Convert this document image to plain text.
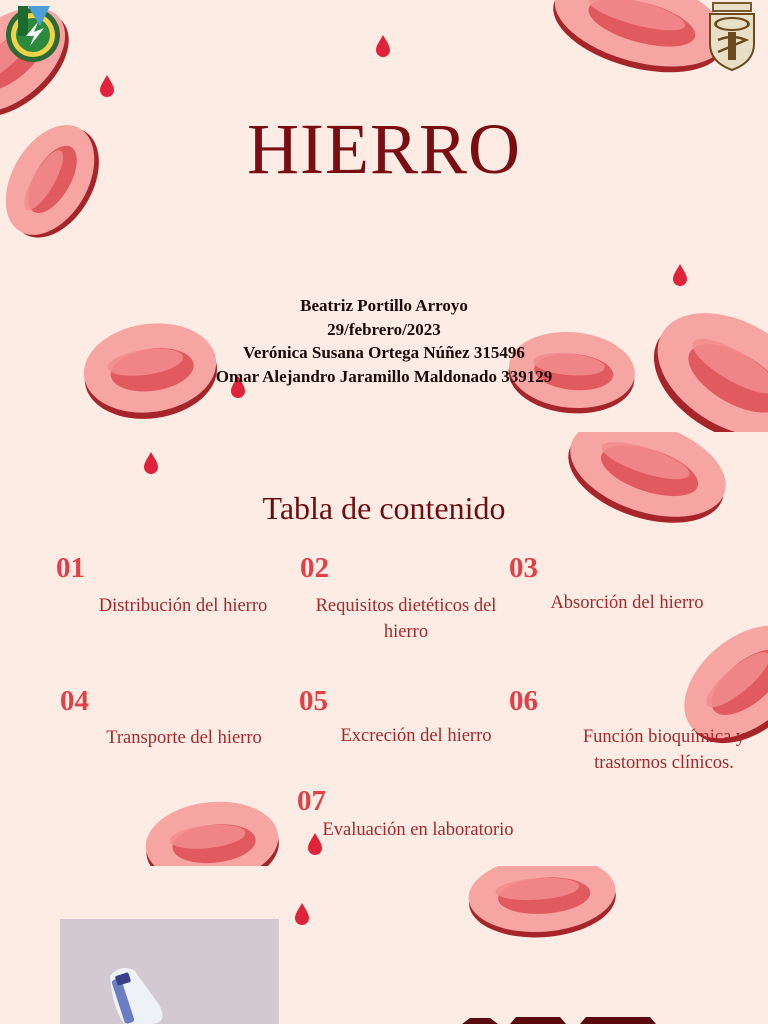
HIERRO
Beatriz Portillo Arroyo
29/febrero/2023
Verónica Susana Ortega Núñez 315496
Omar Alejandro Jaramillo Maldonado 339129
Tabla de contenido
01
Distribución del hierro
02
Requisitos dietéticos del hierro
03
Absorción del hierro
04
Transporte del hierro
05
Excreción del hierro
06
Función bioquímica y trastornos clínicos.
07
Evaluación en laboratorio
